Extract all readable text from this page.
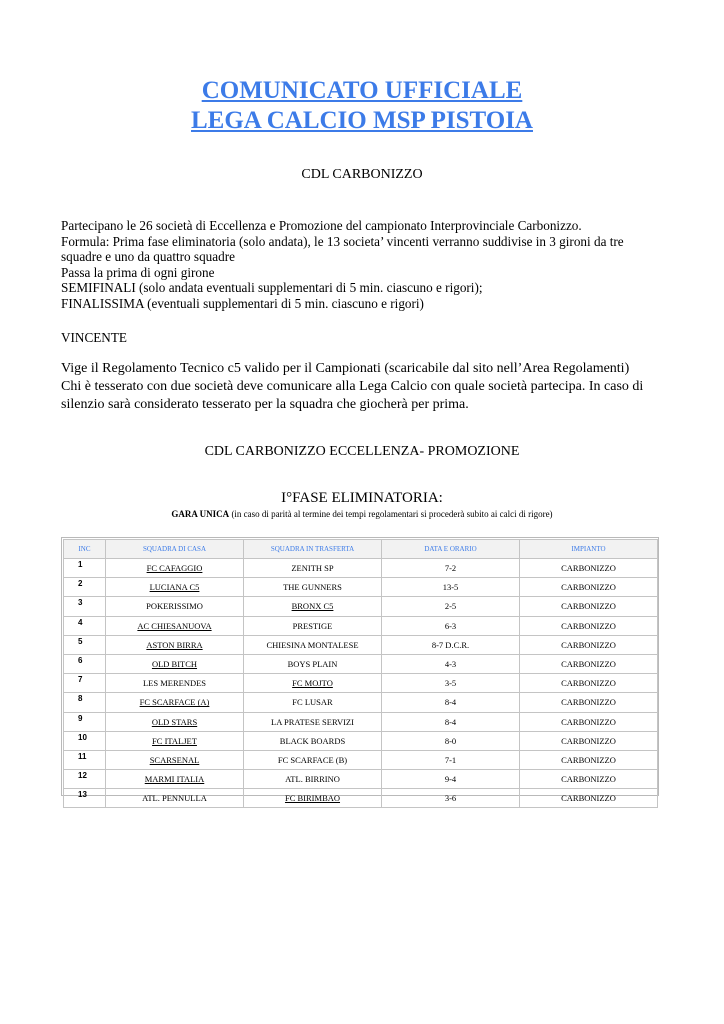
COMUNICATO UFFICIALE
LEGA CALCIO MSP PISTOIA
CDL CARBONIZZO
Partecipano le 26 società di Eccellenza e Promozione del campionato Interprovinciale Carbonizzo.
Formula: Prima fase eliminatoria (solo andata), le 13 societa’ vincenti verranno suddivise in 3 gironi da tre
squadre e uno da quattro squadre
Passa la prima di ogni girone
SEMIFINALI (solo andata eventuali supplementari di 5 min. ciascuno e rigori);
FINALISSIMA (eventuali supplementari di 5 min. ciascuno e rigori)
VINCENTE
Vige il Regolamento Tecnico c5 valido per il Campionati (scaricabile dal sito nell’Area Regolamenti)
Chi è tesserato con due società deve comunicare alla Lega Calcio con quale società partecipa. In caso di
silenzio sarà considerato tesserato per la squadra che giocherà per prima.
CDL CARBONIZZO ECCELLENZA- PROMOZIONE
I°FASE ELIMINATORIA:
GARA UNICA (in caso di parità al termine dei tempi regolamentari si procederà subito ai calci di rigore)
INC	SQUADRA DI CASA	SQUADRA IN TRASFERTA	DATA E ORARIO	IMPIANTO
1	FC CAFAGGIO	ZENITH SP	7-2	CARBONIZZO
2	LUCIANA C5	THE GUNNERS	13-5	CARBONIZZO
3	POKERISSIMO	BRONX C5	2-5	CARBONIZZO
4	AC CHIESANUOVA	PRESTIGE	6-3	CARBONIZZO
5	ASTON BIRRA	CHIESINA MONTALESE	8-7 D.C.R.	CARBONIZZO
6	OLD BITCH	BOYS PLAIN	4-3	CARBONIZZO
7	LES MERENDES	FC MOJTO	3-5	CARBONIZZO
8	FC SCARFACE (A)	FC LUSAR	8-4	CARBONIZZO
9	OLD STARS	LA PRATESE SERVIZI	8-4	CARBONIZZO
10	FC ITALJET	BLACK BOARDS	8-0	CARBONIZZO
11	SCARSENAL	FC SCARFACE (B)	7-1	CARBONIZZO
12	MARMI ITALIA	ATL. BIRRINO	9-4	CARBONIZZO
13	ATL. PENNULLA	FC BIRIMBAO	3-6	CARBONIZZO
